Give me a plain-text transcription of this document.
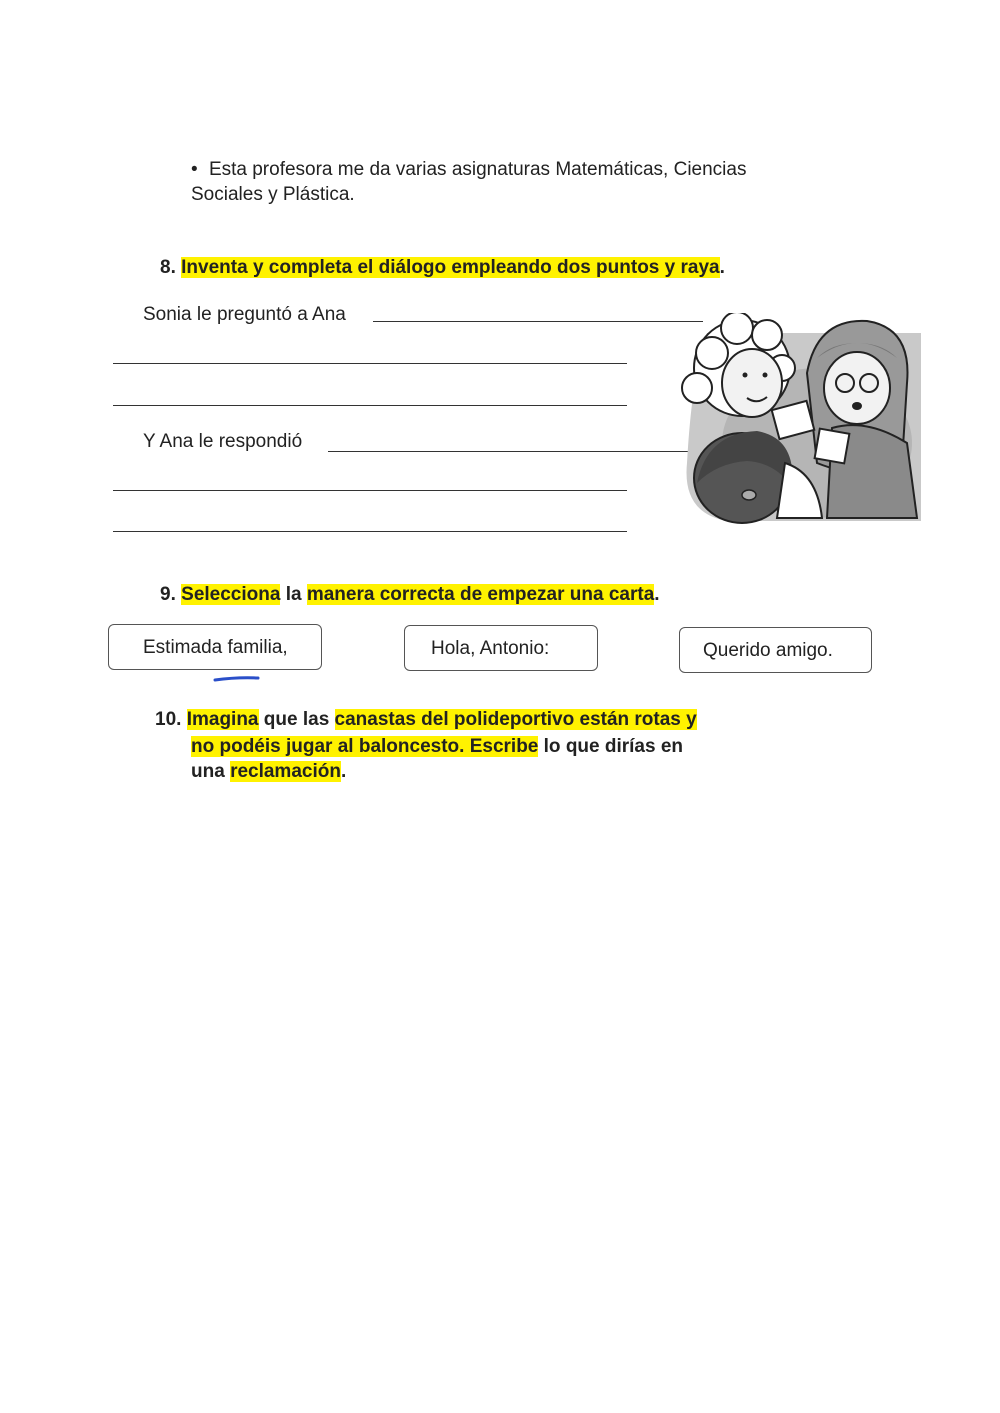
• Esta profesora me da varias asignaturas Matemáticas, Ciencias
Sociales y Plástica.
8. Inventa y completa el diálogo empleando dos puntos y raya.
Sonia le preguntó a Ana
Y Ana le respondió
9. Selecciona la manera correcta de empezar una carta.
Estimada familia,	Hola, Antonio:	Querido amigo.
10. Imagina que las canastas del polideportivo están rotas y
no podéis jugar al baloncesto. Escribe lo que dirías en
una reclamación.
